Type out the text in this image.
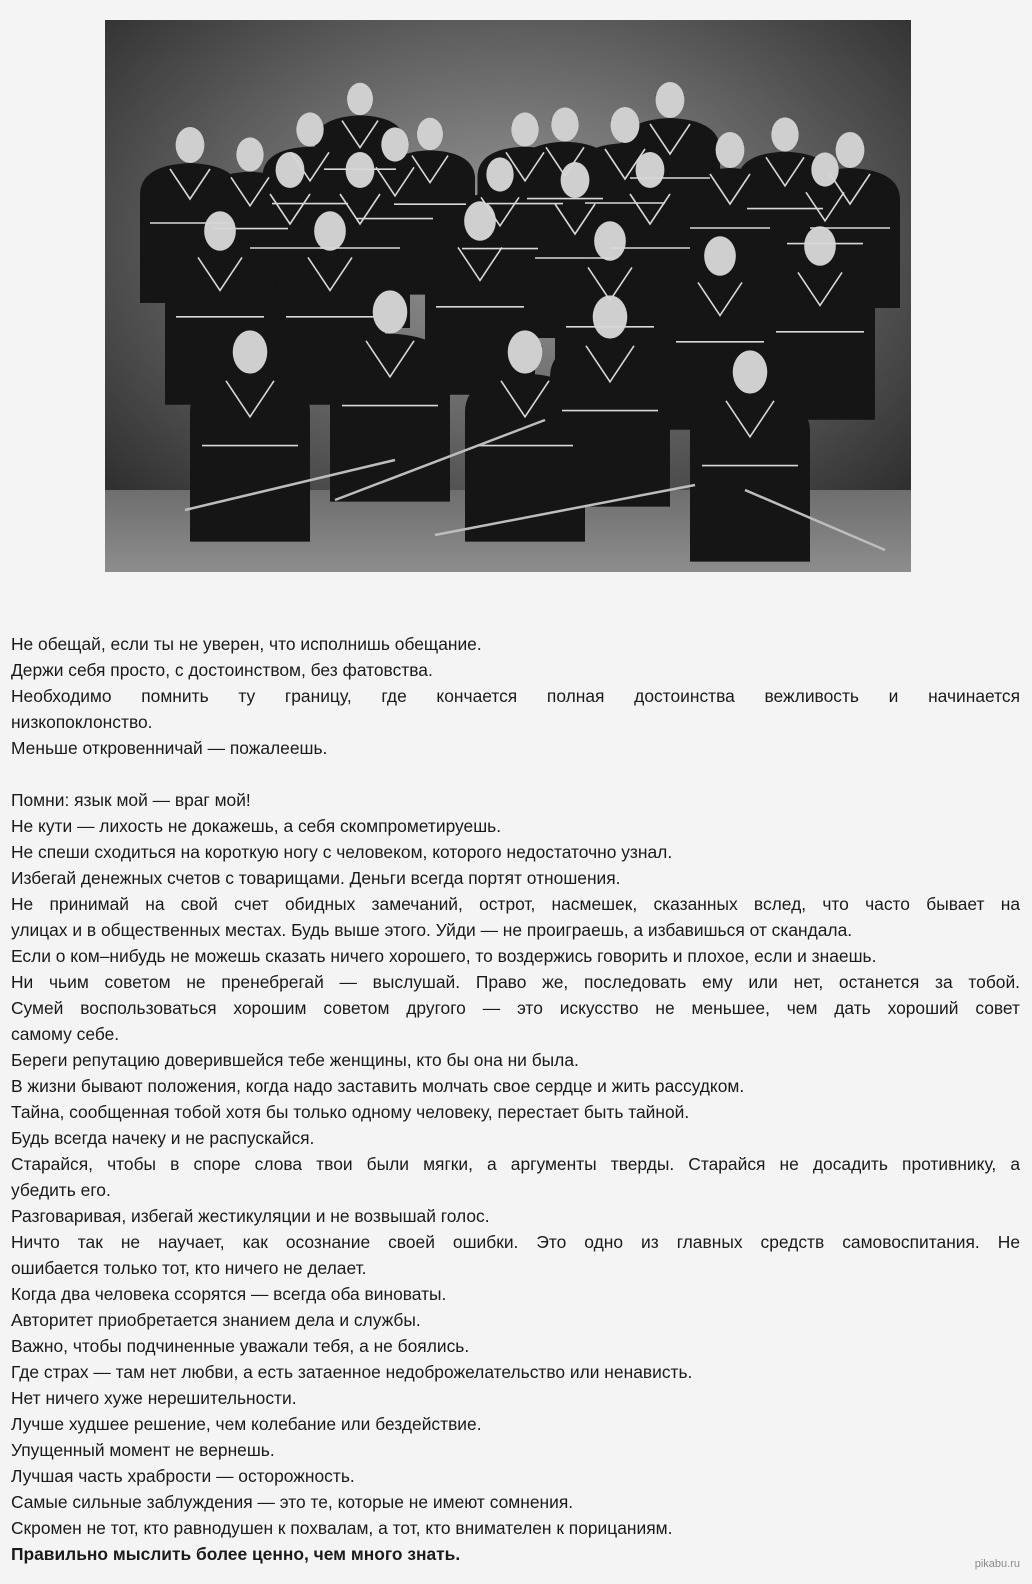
Не обещай, если ты не уверен, что исполнишь обещание.
Держи себя просто, с достоинством, без фатовства.
Необходимо помнить ту границу, где кончается полная достоинства вежливость и начинается
низкопоклонство.
Меньше откровенничай — пожалеешь.
Помни: язык мой — враг мой!
Не кути — лихость не докажешь, а себя скомпрометируешь.
Не спеши сходиться на короткую ногу с человеком, которого недостаточно узнал.
Избегай денежных счетов с товарищами. Деньги всегда портят отношения.
Не принимай на свой счет обидных замечаний, острот, насмешек, сказанных вслед, что часто бывает на
улицах и в общественных местах. Будь выше этого. Уйди — не проиграешь, а избавишься от скандала.
Если о ком–нибудь не можешь сказать ничего хорошего, то воздержись говорить и плохое, если и знаешь.
Ни чьим советом не пренебрегай — выслушай. Право же, последовать ему или нет, останется за тобой.
Сумей воспользоваться хорошим советом другого — это искусство не меньшее, чем дать хороший совет
самому себе.
Береги репутацию доверившейся тебе женщины, кто бы она ни была.
В жизни бывают положения, когда надо заставить молчать свое сердце и жить рассудком.
Тайна, сообщенная тобой хотя бы только одному человеку, перестает быть тайной.
Будь всегда начеку и не распускайся.
Старайся, чтобы в споре слова твои были мягки, а аргументы тверды. Старайся не досадить противнику, а
убедить его.
Разговаривая, избегай жестикуляции и не возвышай голос.
Ничто так не научает, как осознание своей ошибки. Это одно из главных средств самовоспитания. Не
ошибается только тот, кто ничего не делает.
Когда два человека ссорятся — всегда оба виноваты.
Авторитет приобретается знанием дела и службы.
Важно, чтобы подчиненные уважали тебя, а не боялись.
Где страх — там нет любви, а есть затаенное недоброжелательство или ненависть.
Нет ничего хуже нерешительности.
Лучше худшее решение, чем колебание или бездействие.
Упущенный момент не вернешь.
Лучшая часть храбрости — осторожность.
Самые сильные заблуждения — это те, которые не имеют сомнения.
Скромен не тот, кто равнодушен к похвалам, а тот, кто внимателен к порицаниям.
Правильно мыслить более ценно, чем много знать.	pikabu.ru
